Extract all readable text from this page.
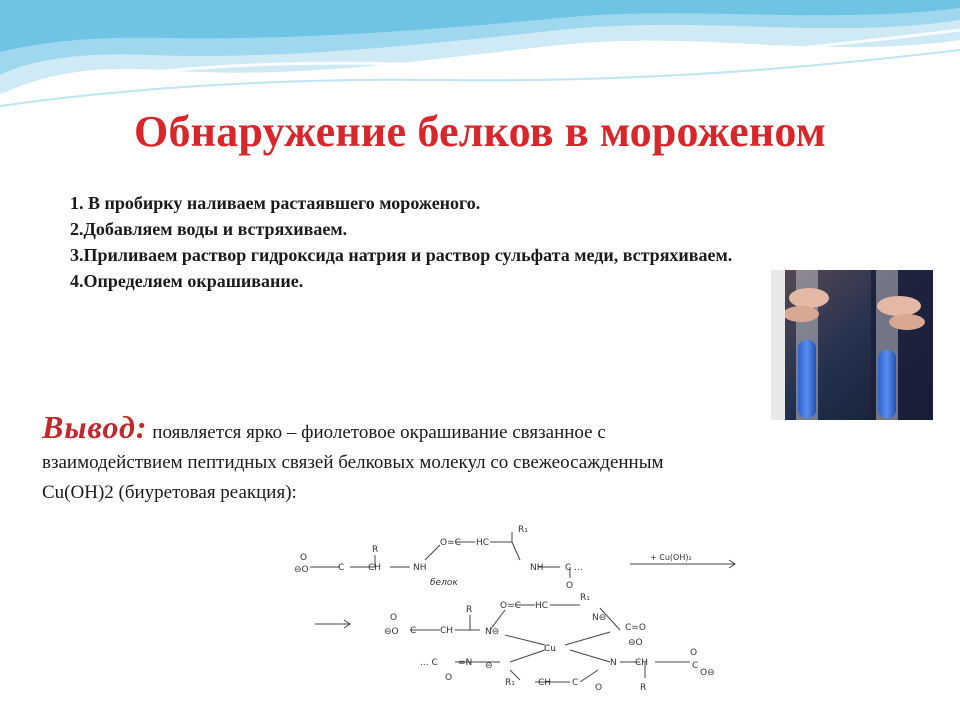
Обнаружение белков в мороженом
1. В пробирку наливаем растаявшего мороженого.
2.Добавляем воды и встряхиваем.
3.Приливаем раствор гидроксида натрия и раствор сульфата меди, встряхиваем.
4.Определяем окрашивание.
Вывод: появляется ярко – фиолетовое окрашивание связанное с
взаимодействием пептидных связей белковых молекул со свежеосажденным
Cu(OH)2 (биуретовая реакция):
O
⊖O	C	CH
R
NH
O=C HC
R₁
NH C ...
O
белок
+ Cu(OH)₂
O
⊖O C	CH
R
N⊖
O=C HC
R₁
N⊖
C=O
⊖O
Cu
... C =N ⊖	N CH
O
C
O⊖
O	R₁	CH C O	R
